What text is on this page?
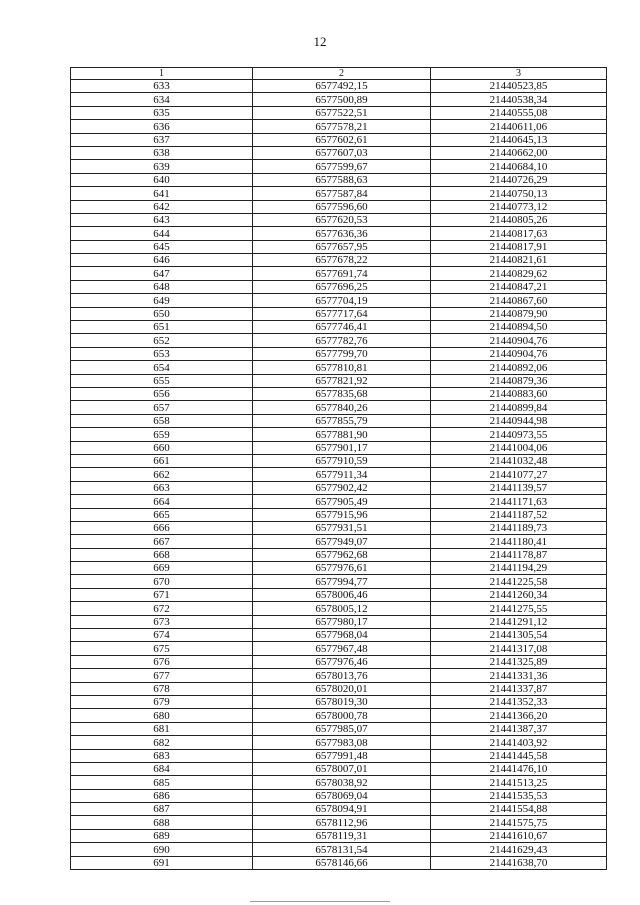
12
1	2	3
633	6577492,15	21440523,85
634	6577500,89	21440538,34
635	6577522,51	21440555,08
636	6577578,21	21440611,06
637	6577602,61	21440645,13
638	6577607,03	21440662,00
639	6577599,67	21440684,10
640	6577588,63	21440726,29
641	6577587,84	21440750,13
642	6577596,60	21440773,12
643	6577620,53	21440805,26
644	6577636,36	21440817,63
645	6577657,95	21440817,91
646	6577678,22	21440821,61
647	6577691,74	21440829,62
648	6577696,25	21440847,21
649	6577704,19	21440867,60
650	6577717,64	21440879,90
651	6577746,41	21440894,50
652	6577782,76	21440904,76
653	6577799,70	21440904,76
654	6577810,81	21440892,06
655	6577821,92	21440879,36
656	6577835,68	21440883,60
657	6577840,26	21440899,84
658	6577855,79	21440944,98
659	6577881,90	21440973,55
660	6577901,17	21441004,06
661	6577910,59	21441032,48
662	6577911,34	21441077,27
663	6577902,42	21441139,57
664	6577905,49	21441171,63
665	6577915,96	21441187,52
666	6577931,51	21441189,73
667	6577949,07	21441180,41
668	6577962,68	21441178,87
669	6577976,61	21441194,29
670	6577994,77	21441225,58
671	6578006,46	21441260,34
672	6578005,12	21441275,55
673	6577980,17	21441291,12
674	6577968,04	21441305,54
675	6577967,48	21441317,08
676	6577976,46	21441325,89
677	6578013,76	21441331,36
678	6578020,01	21441337,87
679	6578019,30	21441352,33
680	6578000,78	21441366,20
681	6577985,07	21441387,37
682	6577983,08	21441403,92
683	6577991,48	21441445,58
684	6578007,01	21441476,10
685	6578038,92	21441513,25
686	6578069,04	21441535,53
687	6578094,91	21441554,88
688	6578112,96	21441575,75
689	6578119,31	21441610,67
690	6578131,54	21441629,43
691	6578146,66	21441638,70
